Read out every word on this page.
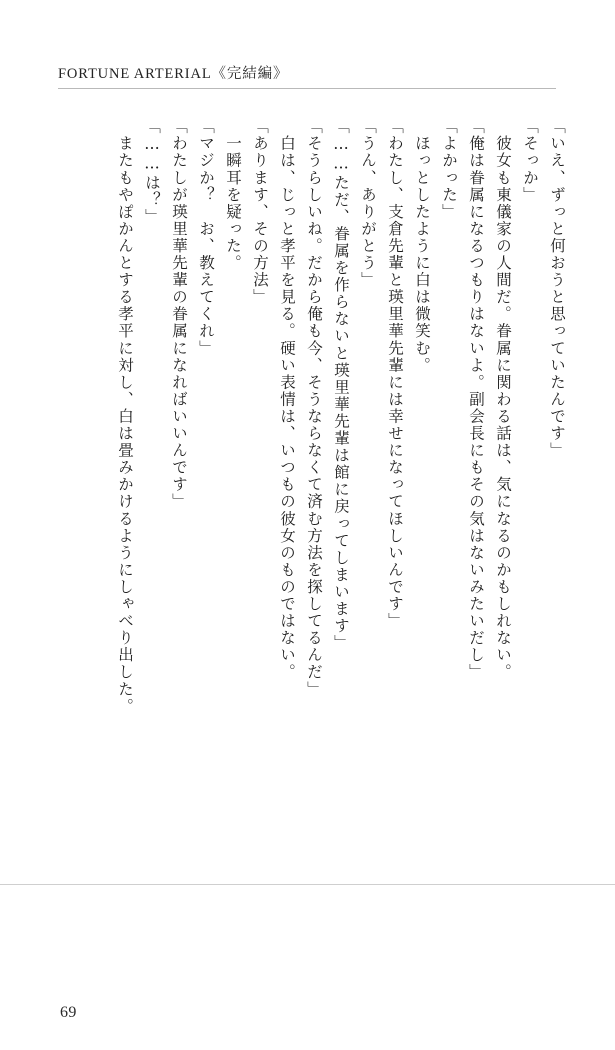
FORTUNE ARTERIAL《完結編》
「いえ、ずっと何おうと思っていたんです」
「そっか」
　彼女も東儀家の人間だ。眷属に関わる話は、気になるのかもしれない。
「俺は眷属になるつもりはないよ。副会長にもその気はないみたいだし」
「よかった」
　ほっとしたように白は微笑む。
「わたし、支倉先輩と瑛里華先輩には幸せになってほしいんです」
「うん、ありがとう」
「……ただ、眷属を作らないと瑛里華先輩は館に戻ってしまいます」
「そうらしいね。だから俺も今、そうならなくて済む方法を探してるんだ」
　白は、じっと孝平を見る。硬い表情は、いつもの彼女のものではない。
「あります、その方法」
　一瞬耳を疑った。
「マジか？　お、教えてくれ」
「わたしが瑛里華先輩の眷属になればいいんです」
「……は？」
　またもやぽかんとする孝平に対し、白は畳みかけるようにしゃべり出した。
69
